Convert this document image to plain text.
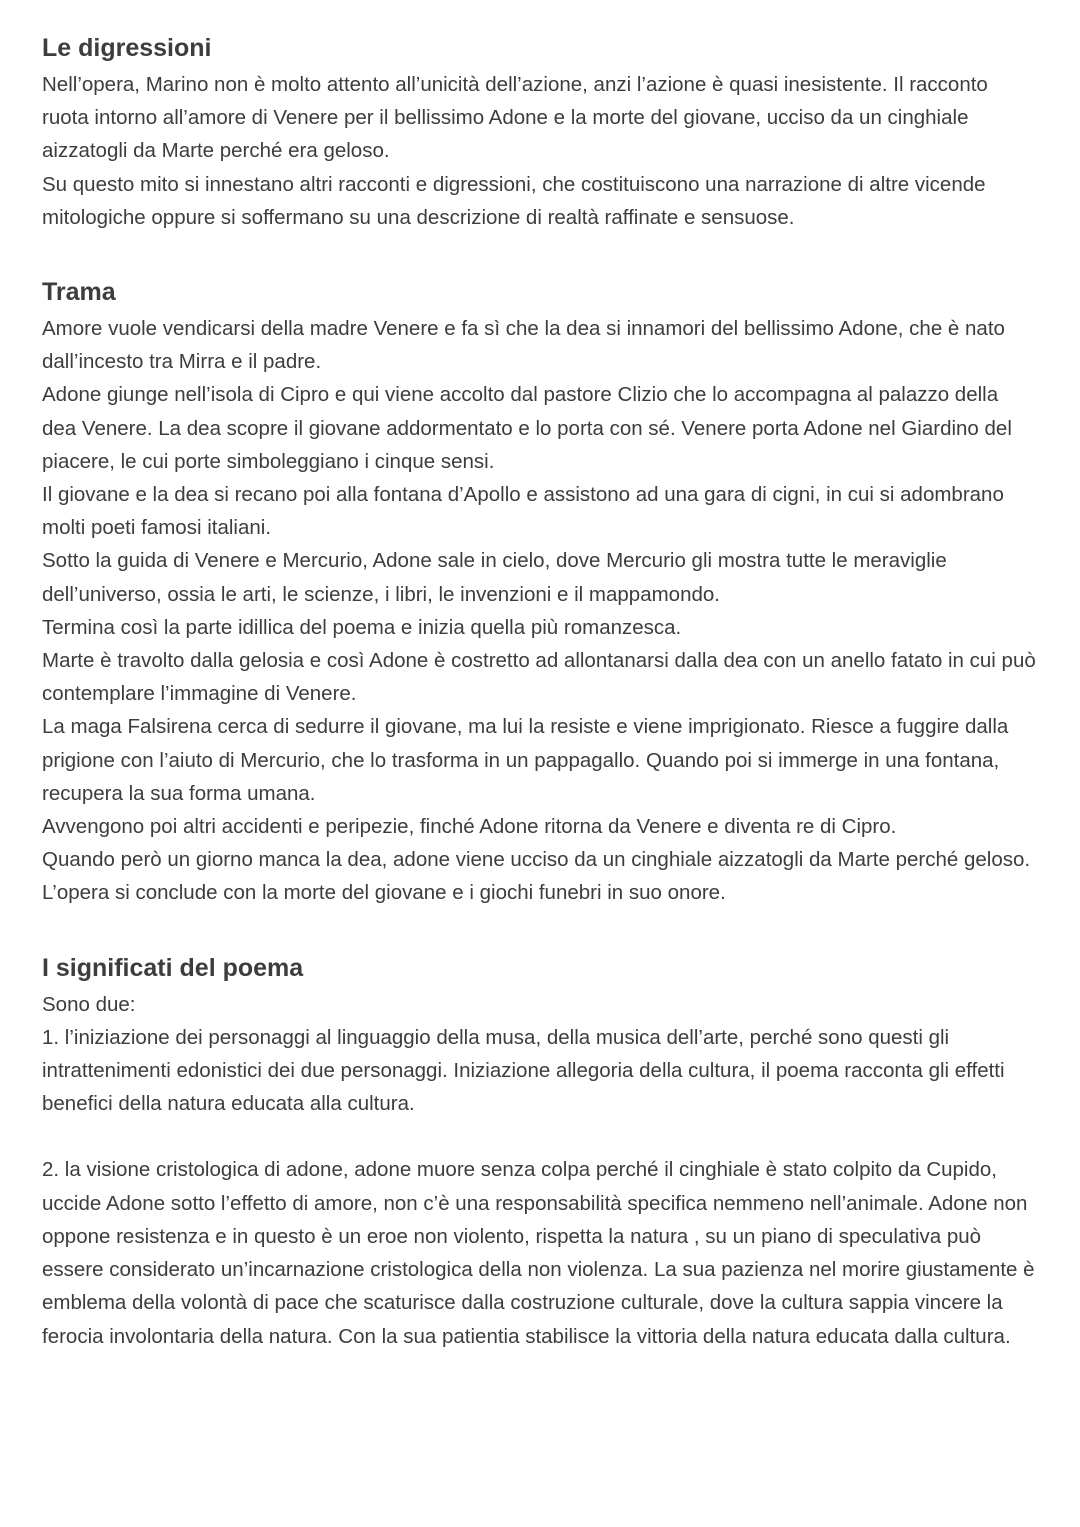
Le digressioni

Nell’opera, Marino non è molto attento all’unicità dell’azione, anzi l’azione è quasi inesistente. Il racconto ruota intorno all’amore di Venere per il bellissimo Adone e la morte del giovane, ucciso da un cinghiale aizzatogli da Marte perché era geloso.

Su questo mito si innestano altri racconti e digressioni, che costituiscono una narrazione di altre vicende mitologiche oppure si soffermano su una descrizione di realtà raffinate e sensuose.

Trama

Amore vuole vendicarsi della madre Venere e fa sì che la dea si innamori del bellissimo Adone, che è nato dall’incesto tra Mirra e il padre.

Adone giunge nell’isola di Cipro e qui viene accolto dal pastore Clizio che lo accompagna al palazzo della dea Venere. La dea scopre il giovane addormentato e lo porta con sé. Venere porta Adone nel Giardino del piacere, le cui porte simboleggiano i cinque sensi.

Il giovane e la dea si recano poi alla fontana d’Apollo e assistono ad una gara di cigni, in cui si adombrano molti poeti famosi italiani.

Sotto la guida di Venere e Mercurio, Adone sale in cielo, dove Mercurio gli mostra tutte le meraviglie dell’universo, ossia le arti, le scienze, i libri, le invenzioni e il mappamondo.

Termina così la parte idillica del poema e inizia quella più romanzesca.

Marte è travolto dalla gelosia e così Adone è costretto ad allontanarsi dalla dea con un anello fatato in cui può contemplare l’immagine di Venere.

La maga Falsirena cerca di sedurre il giovane, ma lui la resiste e viene imprigionato. Riesce a fuggire dalla prigione con l’aiuto di Mercurio, che lo trasforma in un pappagallo. Quando poi si immerge in una fontana, recupera la sua forma umana.

Avvengono poi altri accidenti e peripezie, finché Adone ritorna da Venere e diventa re di Cipro.

Quando però un giorno manca la dea, adone viene ucciso da un cinghiale aizzatogli da Marte perché geloso.

L’opera si conclude con la morte del giovane e i giochi funebri in suo onore.

I significati del poema

Sono due:

1. l’iniziazione dei personaggi al linguaggio della musa, della musica dell’arte, perché sono questi gli intrattenimenti edonistici dei due personaggi. Iniziazione allegoria della cultura, il poema racconta gli effetti benefici della natura educata alla cultura.

2. la visione cristologica di adone, adone muore senza colpa perché il cinghiale è stato colpito da Cupido, uccide Adone sotto l’effetto di amore, non c’è una responsabilità specifica nemmeno nell’animale. Adone non oppone resistenza e in questo è un eroe non violento, rispetta la natura , su un piano di speculativa può essere considerato un’incarnazione cristologica della non violenza. La sua pazienza nel morire giustamente è emblema della volontà di pace che scaturisce dalla costruzione culturale, dove la cultura sappia vincere la ferocia involontaria della natura. Con la sua patientia stabilisce la vittoria della natura educata dalla cultura.
